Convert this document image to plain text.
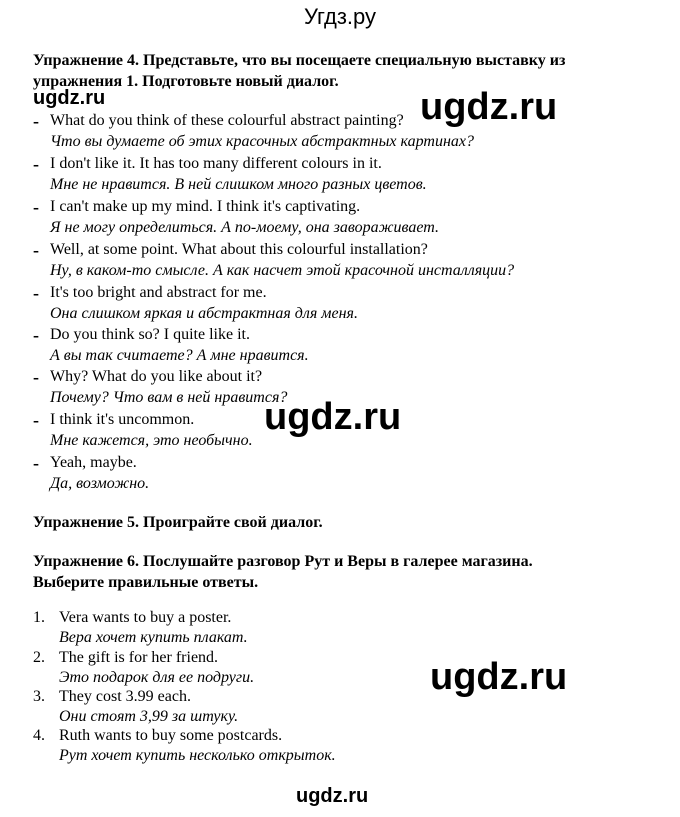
Угдз.ру
Упражнение 4. Представьте, что вы посещаете специальную выставку из
упражнения 1. Подготовьте новый диалог.
- What do you think of these colourful abstract painting?
Что вы думаете об этих красочных абстрактных картинах?
- I don't like it. It has too many different colours in it.
Мне не нравится. В ней слишком много разных цветов.
- I can't make up my mind. I think it's captivating.
Я не могу определиться. А по-моему, она завораживает.
- Well, at some point. What about this colourful installation?
Ну, в каком-то смысле. А как насчет этой красочной инсталляции?
- It's too bright and abstract for me.
Она слишком яркая и абстрактная для меня.
- Do you think so? I quite like it.
А вы так считаете? А мне нравится.
- Why? What do you like about it?
Почему? Что вам в ней нравится?
- I think it's uncommon.
Мне кажется, это необычно.
- Yeah, maybe.
Да, возможно.
Упражнение 5. Проиграйте свой диалог.
Упражнение 6. Послушайте разговор Рут и Веры в галерее магазина.
Выберите правильные ответы.
1. Vera wants to buy a poster.
Вера хочет купить плакат.
2. The gift is for her friend.
Это подарок для ее подруги.
3. They cost 3.99 each.
Они стоят 3,99 за штуку.
4. Ruth wants to buy some postcards.
Рут хочет купить несколько открыток.
ugdz.ru	ugdz.ru
ugdz.ru
ugdz.ru
ugdz.ru
